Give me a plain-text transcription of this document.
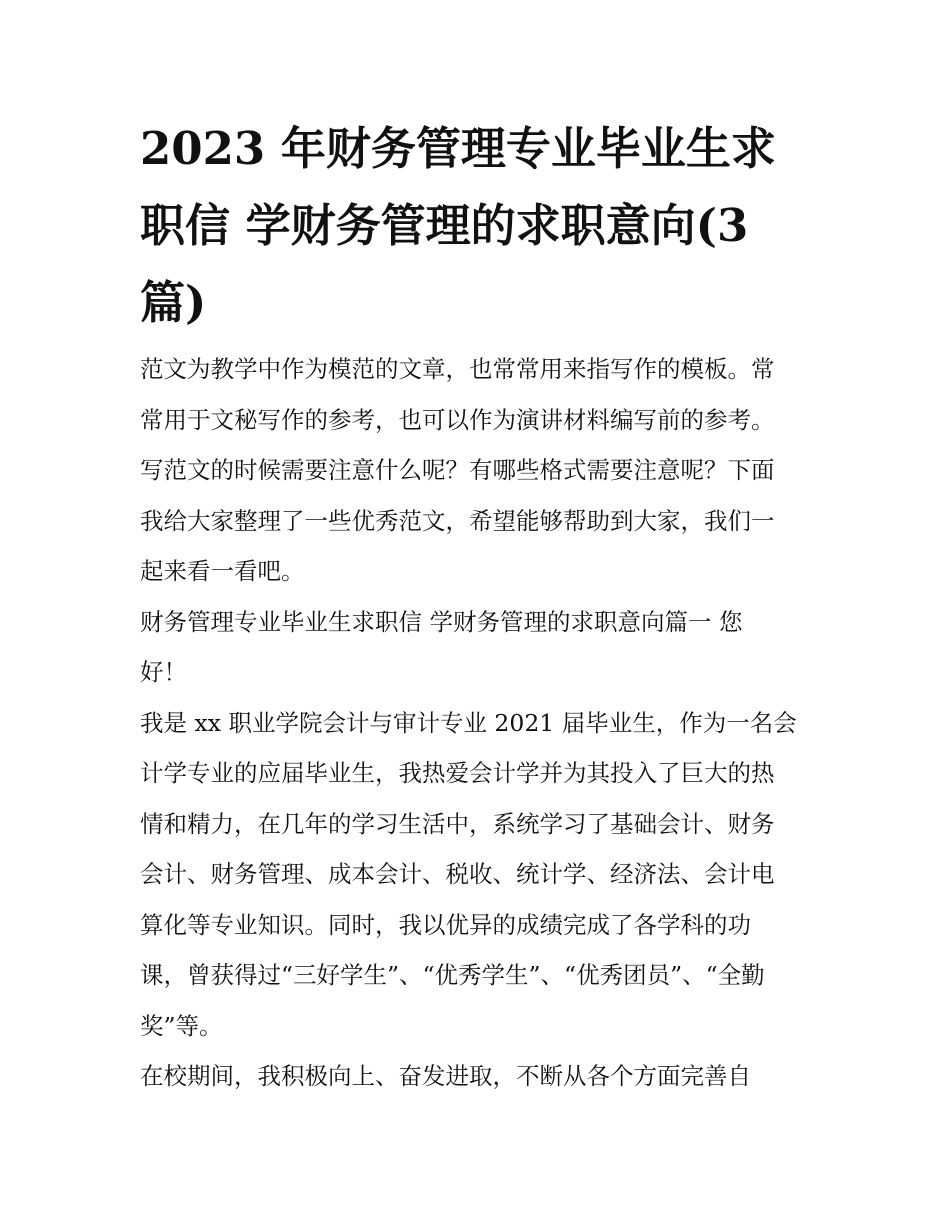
2023 年财务管理专业毕业生求
职信 学财务管理的求职意向(3
篇)
范文为教学中作为模范的文章，也常常用来指写作的模板。常
常用于文秘写作的参考，也可以作为演讲材料编写前的参考。
写范文的时候需要注意什么呢？有哪些格式需要注意呢？下面
我给大家整理了一些优秀范文，希望能够帮助到大家，我们一
起来看一看吧。
财务管理专业毕业生求职信 学财务管理的求职意向篇一 您
好！
我是 xx 职业学院会计与审计专业 2021 届毕业生，作为一名会
计学专业的应届毕业生，我热爱会计学并为其投入了巨大的热
情和精力，在几年的学习生活中，系统学习了基础会计、财务
会计、财务管理、成本会计、税收、统计学、经济法、会计电
算化等专业知识。同时，我以优异的成绩完成了各学科的功
课，曾获得过“三好学生”、“优秀学生”、“优秀团员”、“全勤
奖”等。
在校期间，我积极向上、奋发进取，不断从各个方面完善自
